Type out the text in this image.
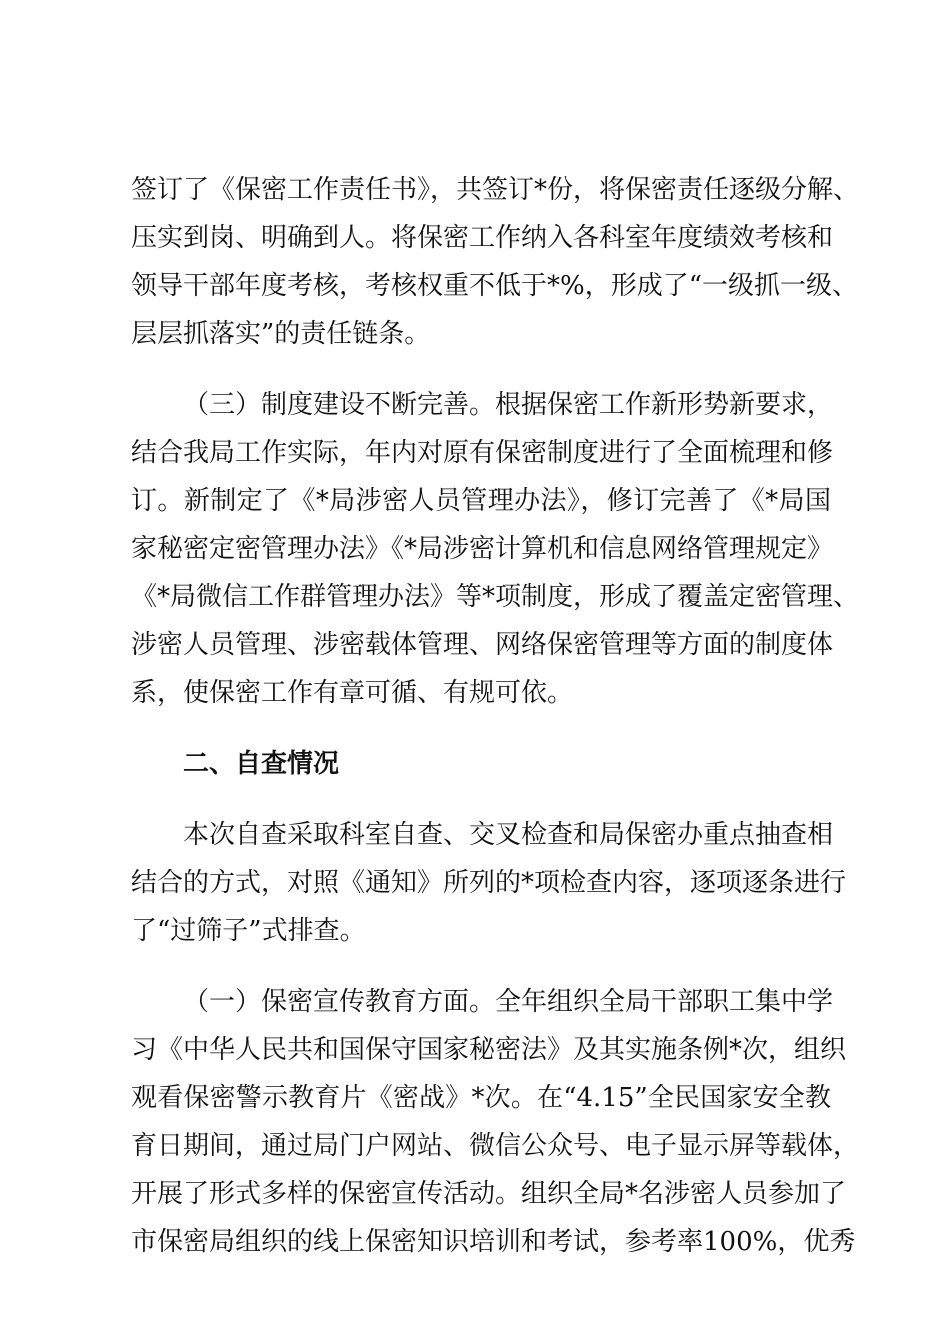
签订了《保密工作责任书》，共签订*份，将保密责任逐级分解、
压实到岗、明确到人。将保密工作纳入各科室年度绩效考核和
领导干部年度考核，考核权重不低于*%，形成了“一级抓一级、
层层抓落实”的责任链条。
（三）制度建设不断完善。根据保密工作新形势新要求，
结合我局工作实际，年内对原有保密制度进行了全面梳理和修
订。新制定了《*局涉密人员管理办法》，修订完善了《*局国
家秘密定密管理办法》《*局涉密计算机和信息网络管理规定》
《*局微信工作群管理办法》等*项制度，形成了覆盖定密管理、
涉密人员管理、涉密载体管理、网络保密管理等方面的制度体
系，使保密工作有章可循、有规可依。
二、自查情况
本次自查采取科室自查、交叉检查和局保密办重点抽查相
结合的方式，对照《通知》所列的*项检查内容，逐项逐条进行
了“过筛子”式排查。
（一）保密宣传教育方面。全年组织全局干部职工集中学
习《中华人民共和国保守国家秘密法》及其实施条例*次，组织
观看保密警示教育片《密战》*次。在“4.15”全民国家安全教
育日期间，通过局门户网站、微信公众号、电子显示屏等载体，
开展了形式多样的保密宣传活动。组织全局*名涉密人员参加了
市保密局组织的线上保密知识培训和考试，参考率100%，优秀
